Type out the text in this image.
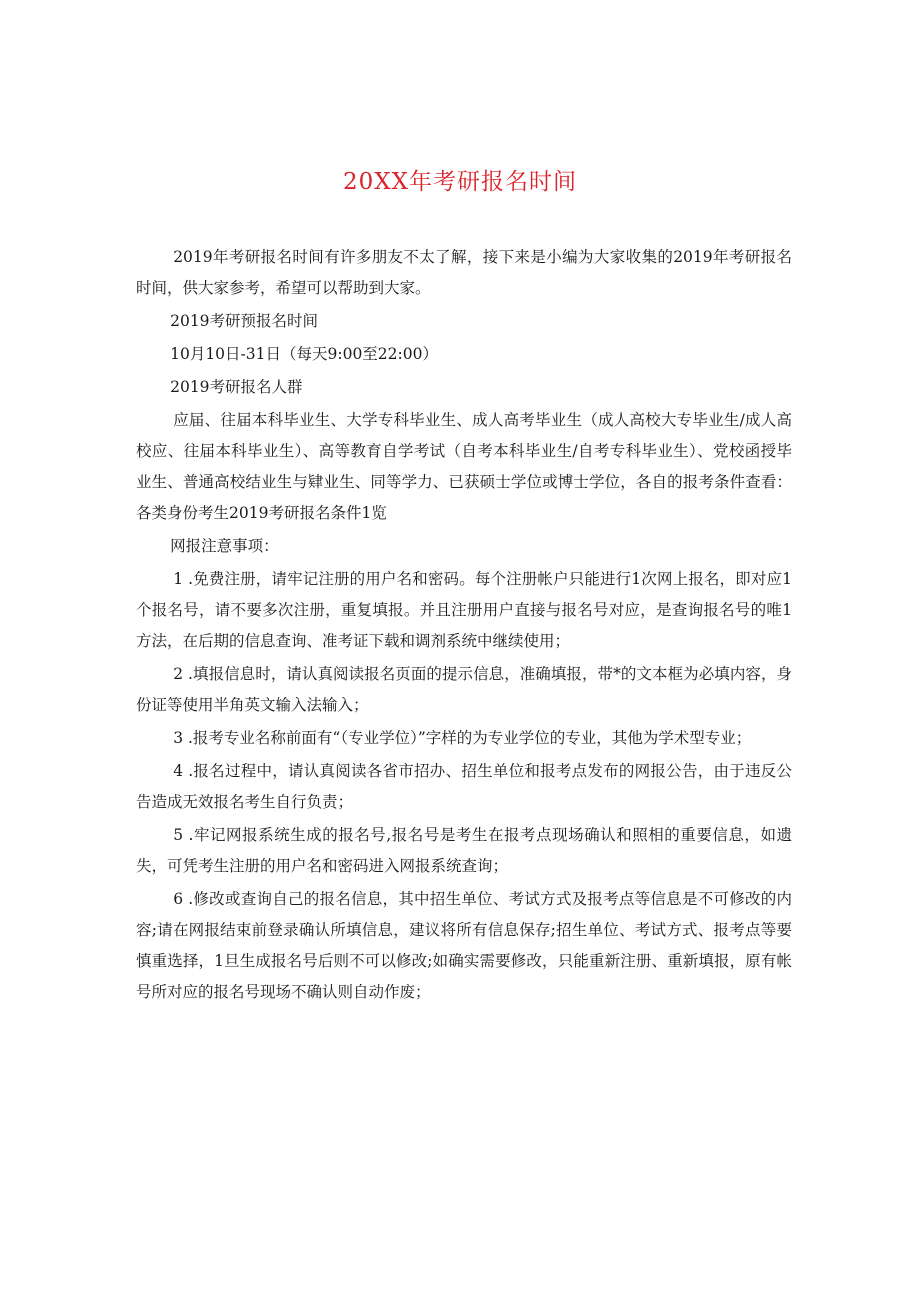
20XX年考研报名时间

2019年考研报名时间有许多朋友不太了解，接下来是小编为大家收集的2019年考研报名时间，供大家参考，希望可以帮助到大家。

2019考研预报名时间

10月10日-31日（每天9:00至22:00）

2019考研报名人群

应届、往届本科毕业生、大学专科毕业生、成人高考毕业生（成人高校大专毕业生/成人高校应、往届本科毕业生）、高等教育自学考试（自考本科毕业生/自考专科毕业生）、党校函授毕业生、普通高校结业生与肄业生、同等学力、已获硕士学位或博士学位，各自的报考条件查看：各类身份考生2019考研报名条件1览

网报注意事项：

1 .免费注册，请牢记注册的用户名和密码。每个注册帐户只能进行1次网上报名，即对应1个报名号，请不要多次注册，重复填报。并且注册用户直接与报名号对应，是查询报名号的唯1方法，在后期的信息查询、准考证下载和调剂系统中继续使用；

2 .填报信息时，请认真阅读报名页面的提示信息，准确填报，带*的文本框为必填内容，身份证等使用半角英文输入法输入；

3 .报考专业名称前面有“（专业学位）”字样的为专业学位的专业，其他为学术型专业；

4 .报名过程中，请认真阅读各省市招办、招生单位和报考点发布的网报公告，由于违反公告造成无效报名考生自行负责；

5 .牢记网报系统生成的报名号,报名号是考生在报考点现场确认和照相的重要信息，如遗失，可凭考生注册的用户名和密码进入网报系统查询；

6 .修改或查询自己的报名信息，其中招生单位、考试方式及报考点等信息是不可修改的内容;请在网报结束前登录确认所填信息，建议将所有信息保存;招生单位、考试方式、报考点等要慎重选择，1旦生成报名号后则不可以修改;如确实需要修改，只能重新注册、重新填报，原有帐号所对应的报名号现场不确认则自动作废；
